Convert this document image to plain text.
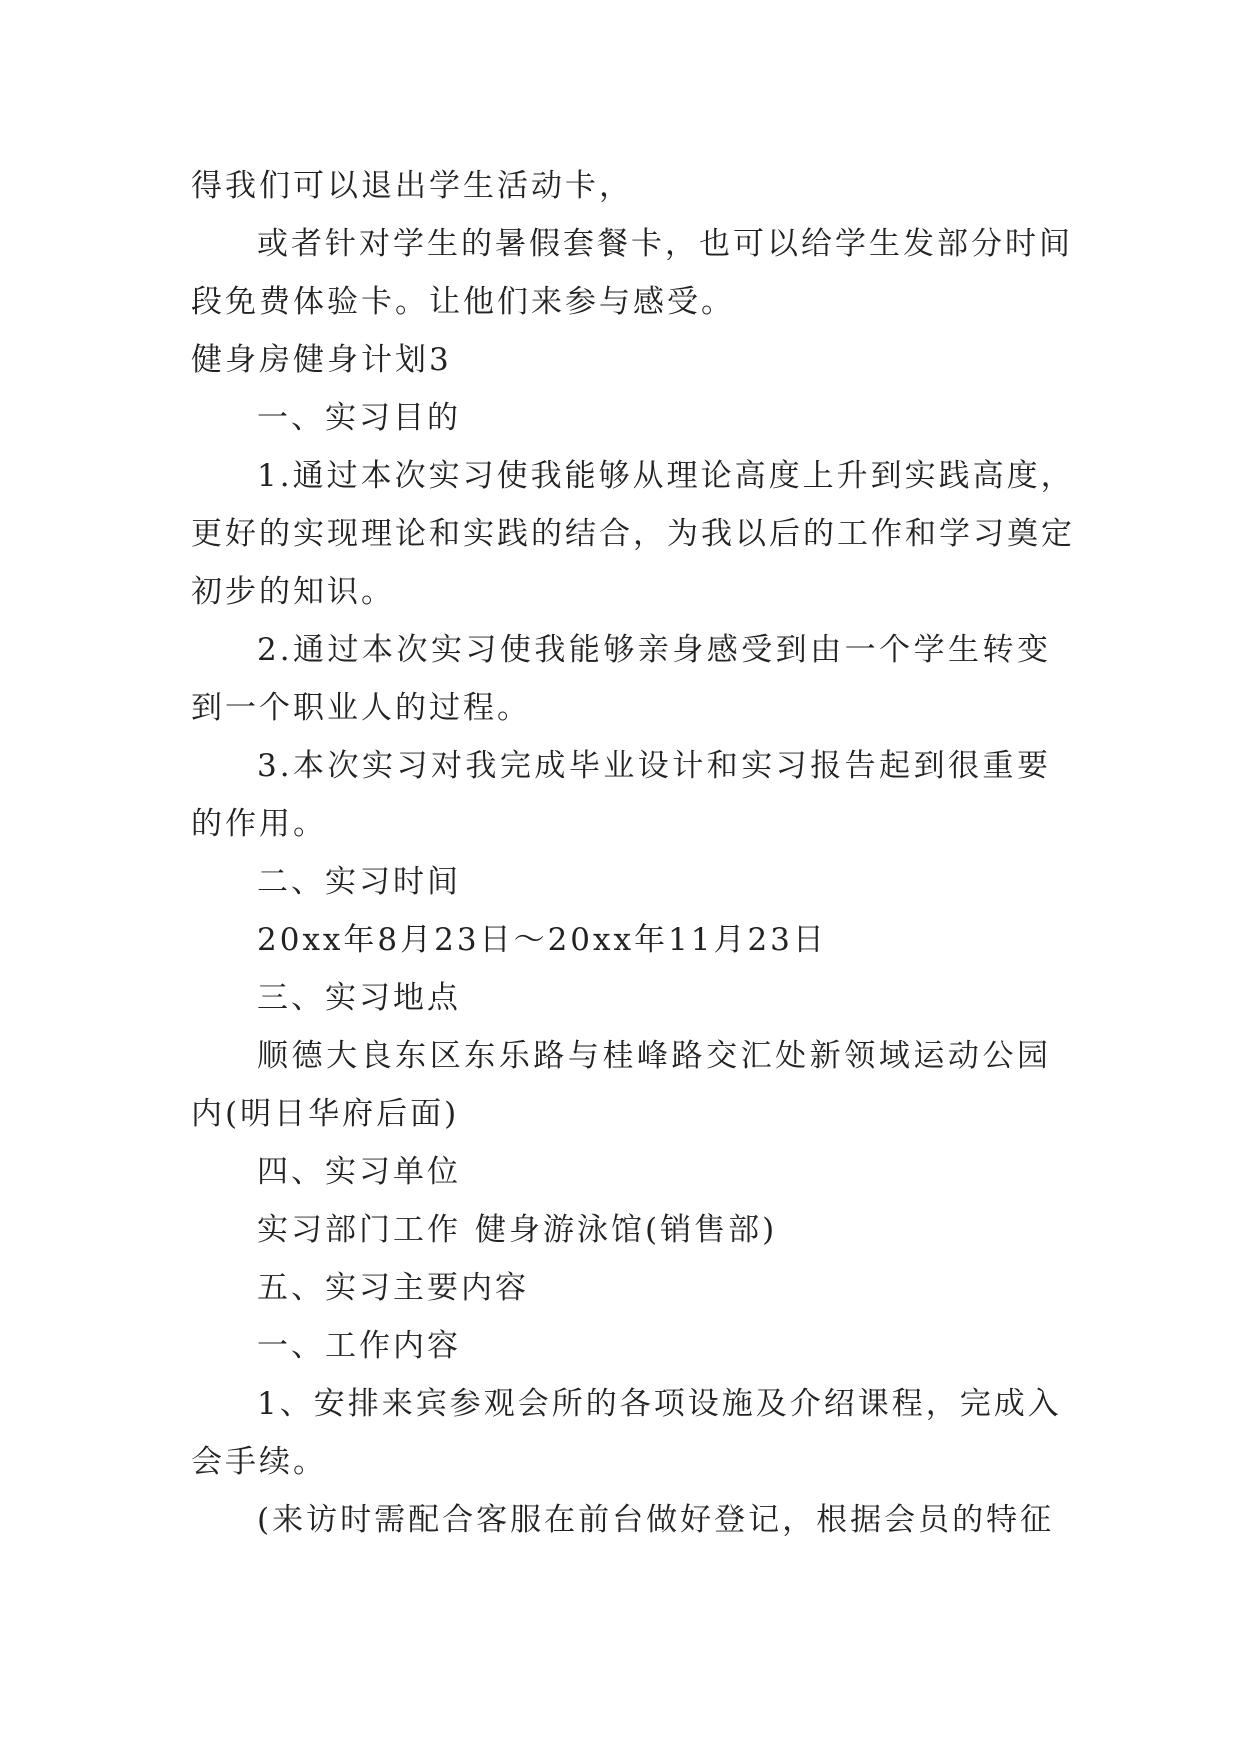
得我们可以退出学生活动卡，
或者针对学生的暑假套餐卡，也可以给学生发部分时间
段免费体验卡。让他们来参与感受。
健身房健身计划3
一、实习目的
1.通过本次实习使我能够从理论高度上升到实践高度，
更好的实现理论和实践的结合，为我以后的工作和学习奠定
初步的知识。
2.通过本次实习使我能够亲身感受到由一个学生转变
到一个职业人的过程。
3.本次实习对我完成毕业设计和实习报告起到很重要
的作用。
二、实习时间
20xx年8月23日～20xx年11月23日
三、实习地点
顺德大良东区东乐路与桂峰路交汇处新领域运动公园
内(明日华府后面)
四、实习单位
实习部门工作 健身游泳馆(销售部)
五、实习主要内容
一、工作内容
1、安排来宾参观会所的各项设施及介绍课程，完成入
会手续。
(来访时需配合客服在前台做好登记，根据会员的特征
